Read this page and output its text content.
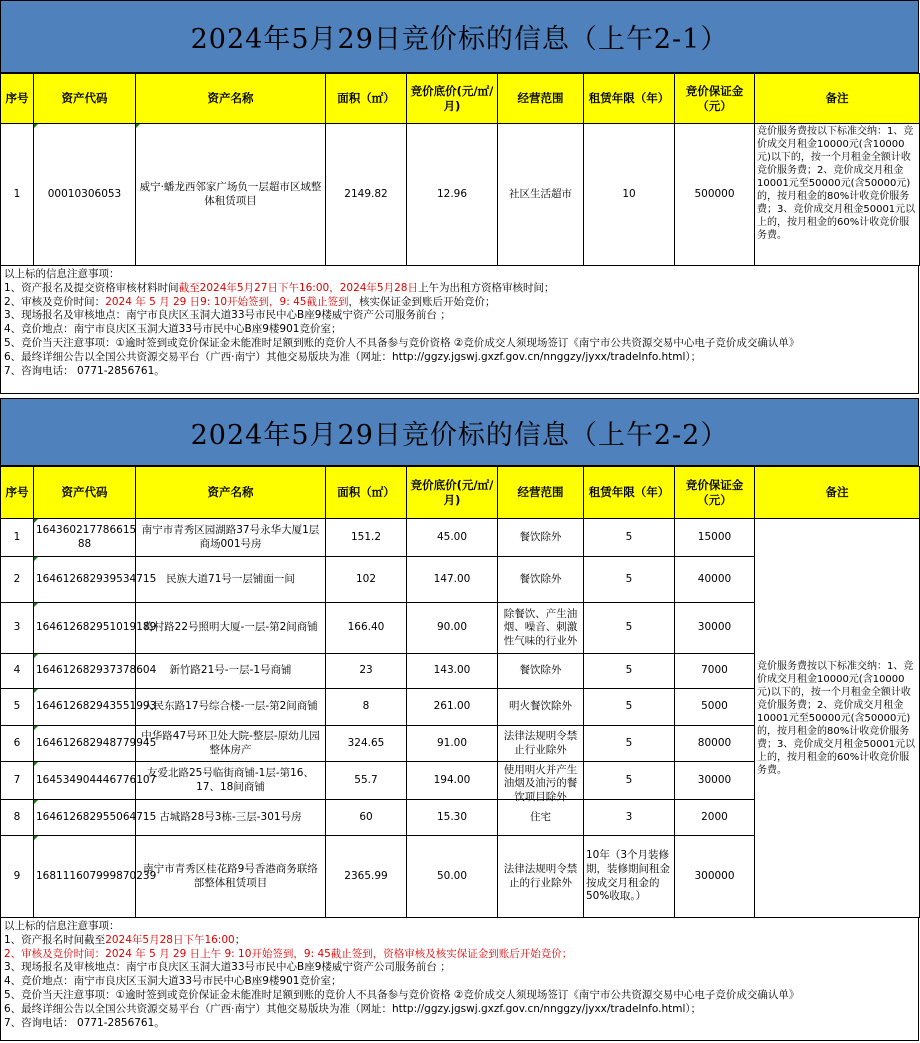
2024年5月29日竞价标的信息（上午2-1）
序号	资产代码	资产名称	面积（㎡）	竞价底价(元/㎡/月)	经营范围	租赁年限（年）	竞价保证金（元）	备注
1	00010306053	威宁·蟠龙西邻家广场负一层超市区域整体租赁项目	2149.82	12.96	社区生活超市	10	500000	竞价服务费按以下标准交纳：1、竞价成交月租金10000元(含10000元)以下的，按一个月租金全额计收竞价服务费；2、竞价成交月租金10001元至50000元(含50000元)的，按月租金的80%计收竞价服务费；3、竞价成交月租金50001元以上的，按月租金的60%计收竞价服务费。
以上标的信息注意事项：
1、资产报名及提交资格审核材料时间截至2024年5月27日下午16:00，2024年5月28日上午为出租方资格审核时间；
2、审核及竞价时间：2024 年 5 月 29 日9: 10开始签到，9: 45截止签到，核实保证金到账后开始竞价；
3、现场报名及审核地点：南宁市良庆区玉洞大道33号市民中心B座9楼威宁资产公司服务前台 ；
4、竞价地点：南宁市良庆区玉洞大道33号市民中心B座9楼901竞价室；
5、竞价当天注意事项：①逾时签到或竞价保证金未能准时足额到账的竞价人不具备参与竞价资格 ②竞价成交人须现场签订《南宁市公共资源交易中心电子竞价成交确认单》
6、最终详细公告以全国公共资源交易平台（广西·南宁）其他交易版块为准（网址：http://ggzy.jgswj.gxzf.gov.cn/nnggzy/jyxx/tradeInfo.html）；
7、咨询电话： 0771-2856761。
2024年5月29日竞价标的信息（上午2-2）
序号	资产代码	资产名称	面积（㎡）	竞价底价(元/㎡/月)	经营范围	租赁年限（年）	竞价保证金（元）	备注
1	164360217786615 88	南宁市青秀区园湖路37号永华大厦1层商场001号房	151.2	45.00	餐饮除外	5	15000	竞价服务费按以下标准交纳：1、竞价成交月租金10000元(含10000元)以下的，按一个月租金全额计收竞价服务费；2、竞价成交月租金10001元至50000元(含50000元)的，按月租金的80%计收竞价服务费；3、竞价成交月租金50001元以上的，按月租金的60%计收竞价服务费。
2	164612682939534715	民族大道71号一层铺面一间	102	147.00	餐饮除外	5	40000	
3	164612682951019189	葛村路22号照明大厦-一层-第2间商铺	166.40	90.00	除餐饮、产生油烟、噪音、刺激性气味的行业外	5	30000	
4	164612682937378604	新竹路21号-一层-1号商铺	23	143.00	餐饮除外	5	7000	
5	164612682943551993	人民东路17号综合楼-一层-第2间商铺	8	261.00	明火餐饮除外	5	5000	
6	164612682948779945	中华路47号环卫处大院-整层-原幼儿园整体房产	324.65	91.00	法律法规明令禁止行业除外	5	80000	
7	164534904446776107	友爱北路25号临街商铺-1层-第16、17、18间商铺	55.7	194.00	使用明火并产生油烟及油污的餐饮项目除外	5	30000	
8	164612682955064715	古城路28号3栋-三层-301号房	60	15.30	住宅	3	2000	
9	168111607999870239	南宁市青秀区桂花路9号香港商务联络部整体租赁项目	2365.99	50.00	法律法规明令禁止的行业除外	10年（3个月装修期，装修期间租金按成交月租金的50%收取。）	300000	
以上标的信息注意事项：
1、资产报名时间截至2024年5月28日下午16:00；
2、审核及竞价时间：2024 年 5 月 29 日上午 9: 10开始签到，9: 45截止签到，资格审核及核实保证金到账后开始竞价；
3、现场报名及审核地点：南宁市良庆区玉洞大道33号市民中心B座9楼威宁资产公司服务前台 ；
4、竞价地点：南宁市良庆区玉洞大道33号市民中心B座9楼901竞价室；
5、竞价当天注意事项：①逾时签到或竞价保证金未能准时足额到账的竞价人不具备参与竞价资格 ②竞价成交人须现场签订《南宁市公共资源交易中心电子竞价成交确认单》
6、最终详细公告以全国公共资源交易平台（广西·南宁）其他交易版块为准（网址：http://ggzy.jgswj.gxzf.gov.cn/nnggzy/jyxx/tradeInfo.html）；
7、咨询电话： 0771-2856761。
